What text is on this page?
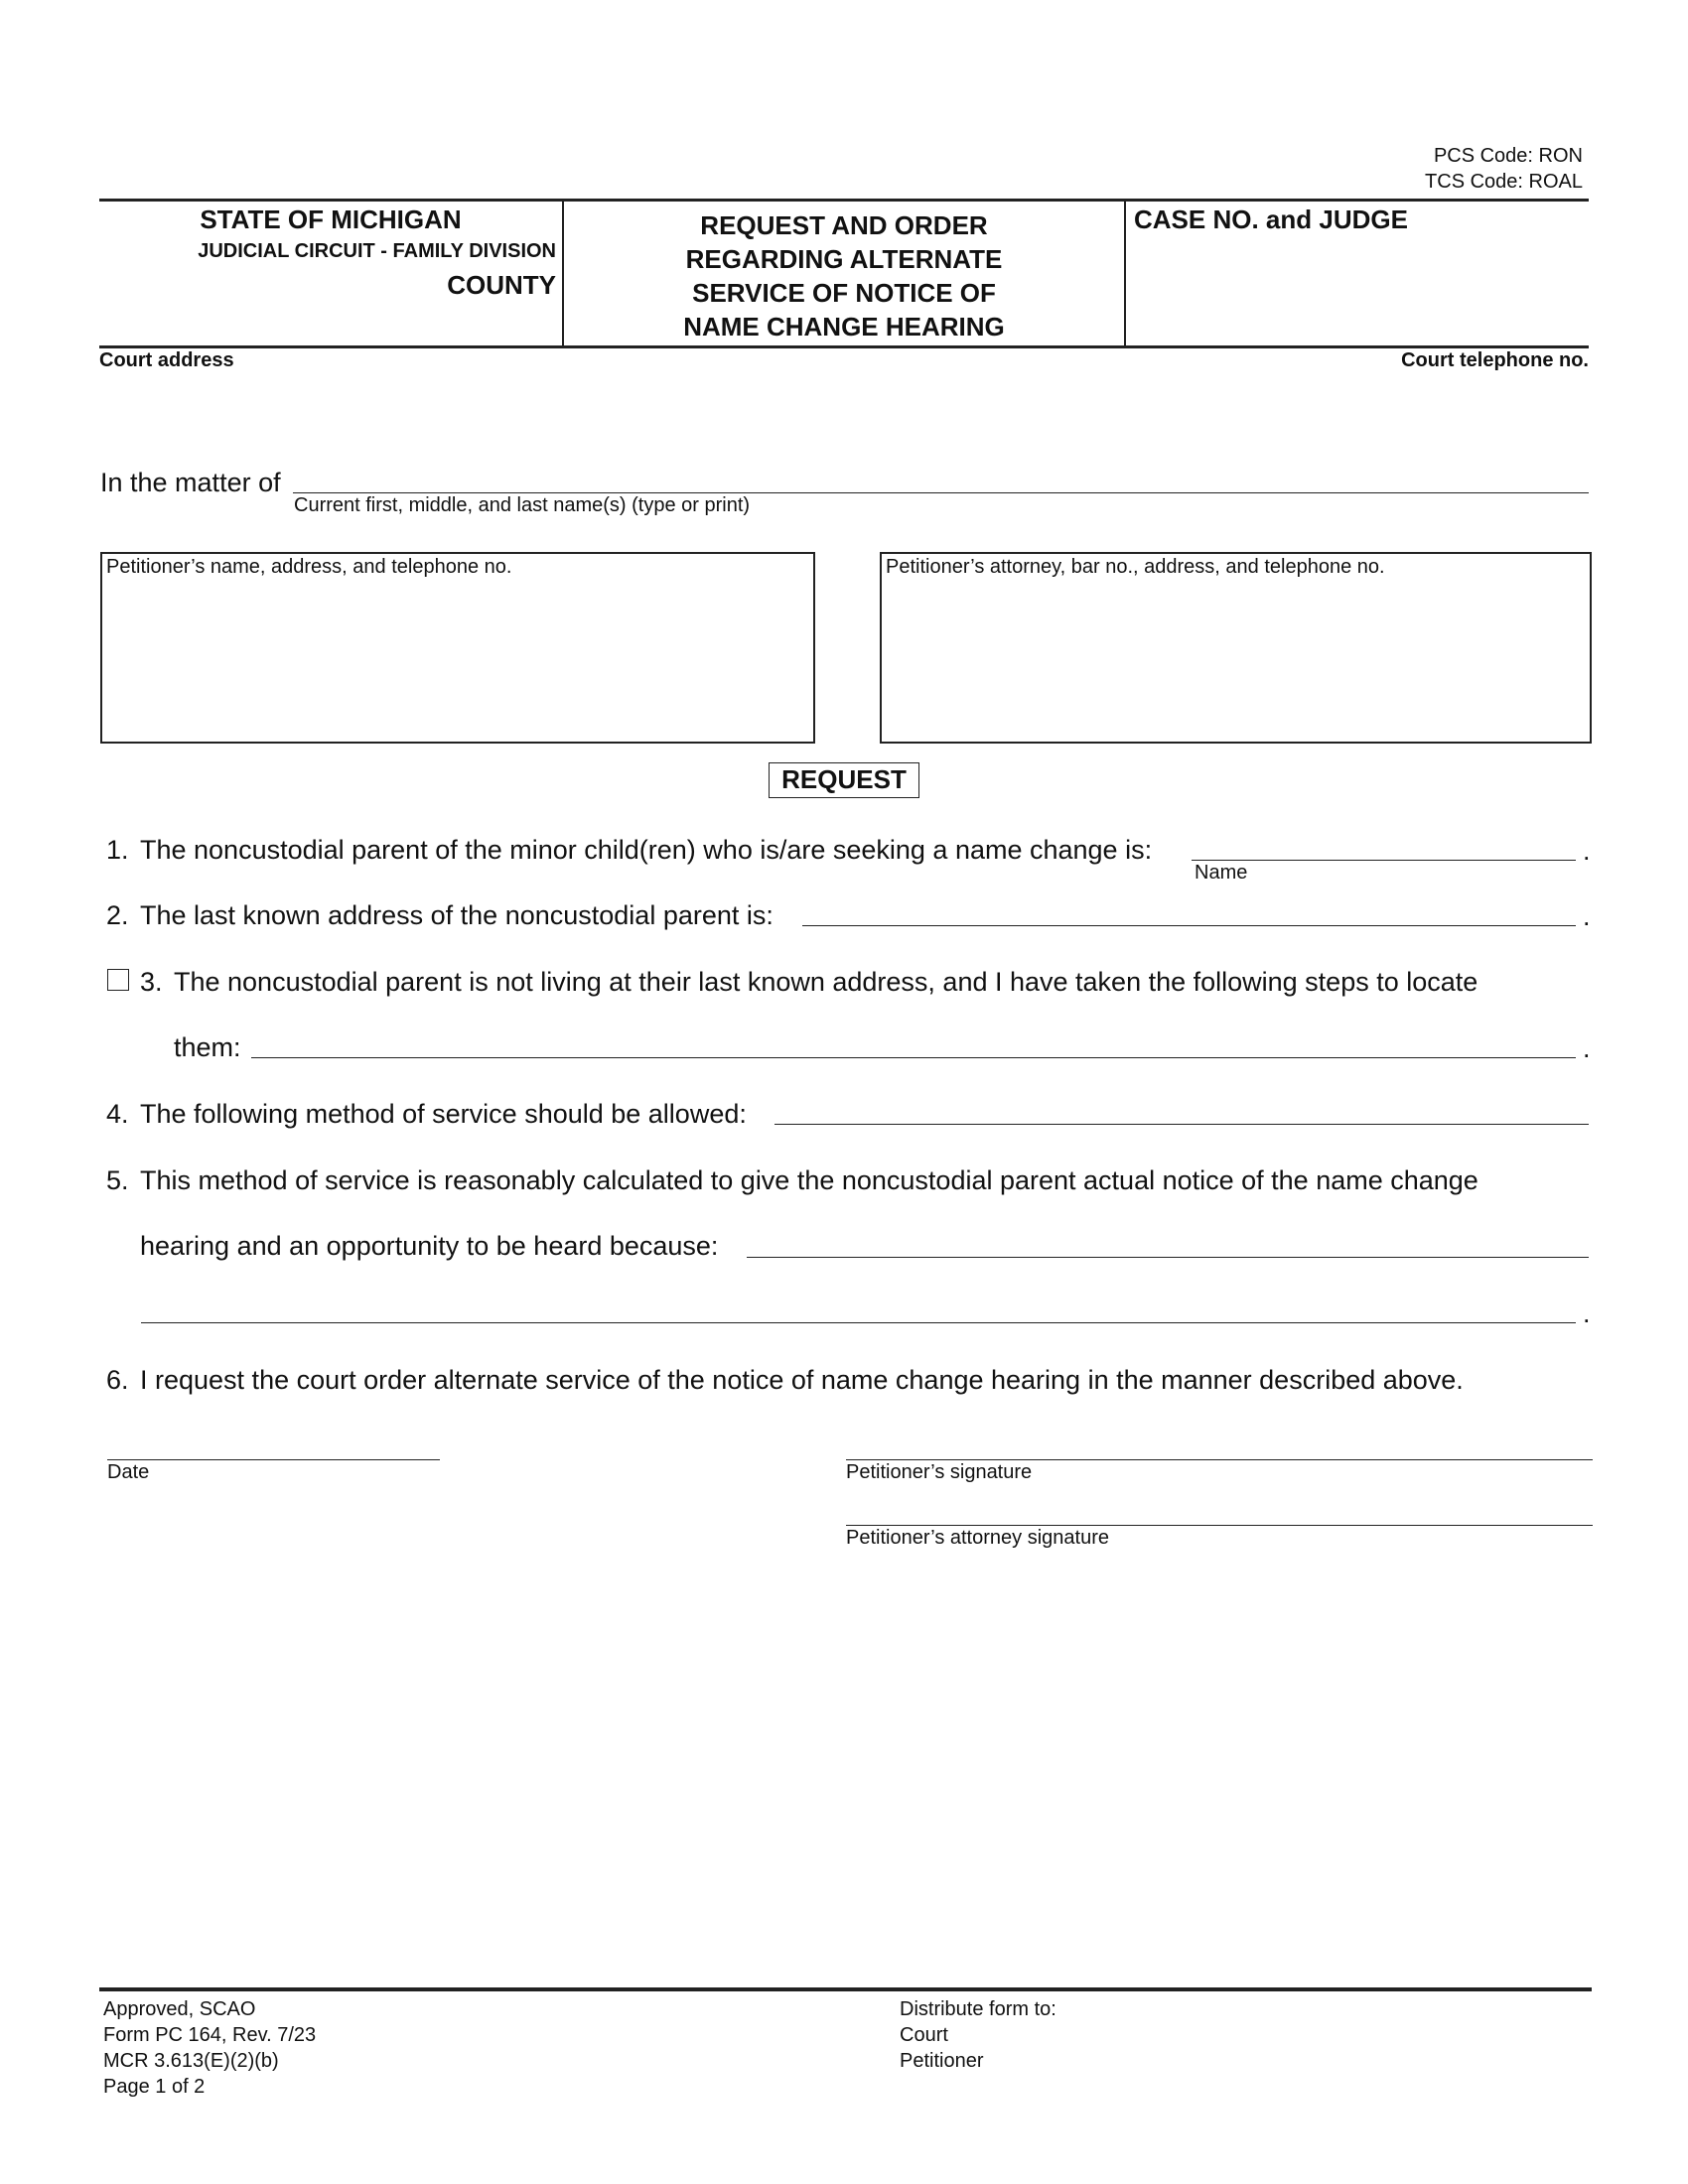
PCS Code: RON
TCS Code: ROAL
STATE OF MICHIGAN
JUDICIAL CIRCUIT - FAMILY DIVISION
COUNTY
REQUEST AND ORDER
REGARDING ALTERNATE
SERVICE OF NOTICE OF
NAME CHANGE HEARING
CASE NO. and JUDGE
Court address	Court telephone no.
In the matter of
Current first, middle, and last name(s) (type or print)
Petitioner’s name, address, and telephone no.	Petitioner’s attorney, bar no., address, and telephone no.
REQUEST
1. The noncustodial parent of the minor child(ren) who is/are seeking a name change is:	.
Name
2. The last known address of the noncustodial parent is:	.
3. The noncustodial parent is not living at their last known address, and I have taken the following steps to locate
them:	.
4. The following method of service should be allowed:
5. This method of service is reasonably calculated to give the noncustodial parent actual notice of the name change
hearing and an opportunity to be heard because:
.
6. I request the court order alternate service of the notice of name change hearing in the manner described above.
Date	Petitioner’s signature
Petitioner’s attorney signature
Approved, SCAO
Form PC 164, Rev. 7/23
MCR 3.613(E)(2)(b)
Page 1 of 2
Distribute form to:
Court
Petitioner
